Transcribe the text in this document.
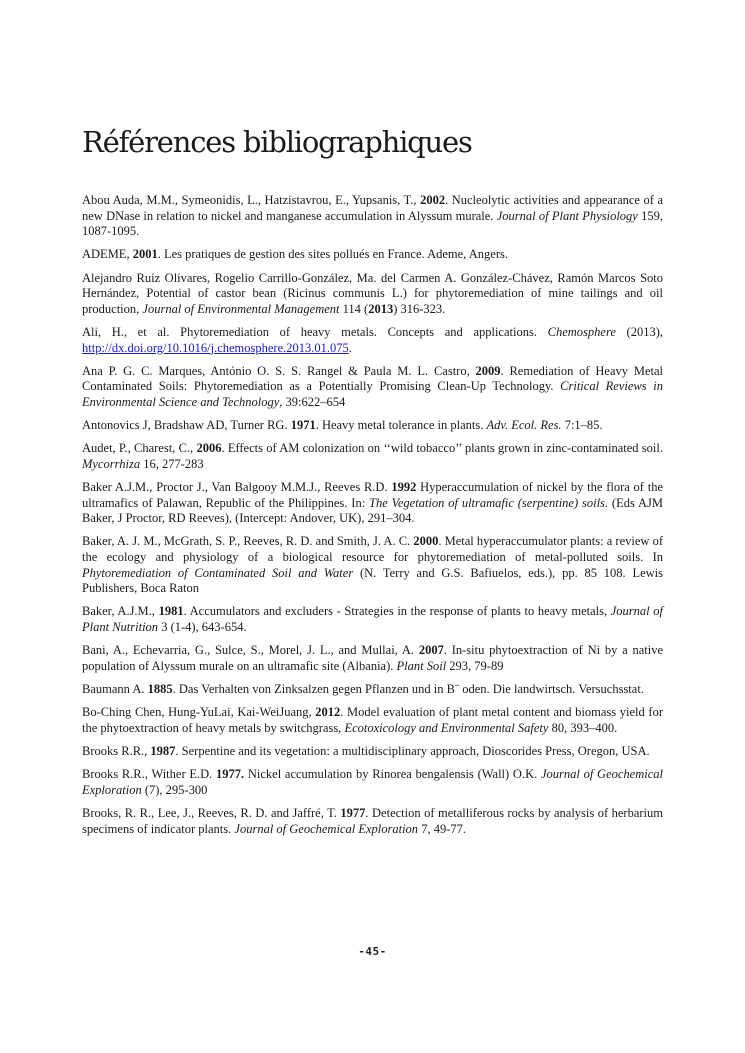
Références bibliographiques

Abou Auda, M.M., Symeonidis, L., Hatzistavrou, E., Yupsanis, T., 2002. Nucleolytic activities and appearance of a new DNase in relation to nickel and manganese accumulation in Alyssum murale. Journal of Plant Physiology 159, 1087-1095.

ADEME, 2001. Les pratiques de gestion des sites pollués en France. Ademe, Angers.

Alejandro Ruiz Olivares, Rogelio Carrillo-González, Ma. del Carmen A. González-Chávez, Ramón Marcos Soto Hernández, Potential of castor bean (Ricinus communis L.) for phytoremediation of mine tailings and oil production, Journal of Environmental Management 114 (2013) 316-323.

Ali, H., et al. Phytoremediation of heavy metals. Concepts and applications. Chemosphere (2013), http://dx.doi.org/10.1016/j.chemosphere.2013.01.075.

Ana P. G. C. Marques, António O. S. S. Rangel & Paula M. L. Castro, 2009. Remediation of Heavy Metal Contaminated Soils: Phytoremediation as a Potentially Promising Clean-Up Technology. Critical Reviews in Environmental Science and Technology, 39:622–654

Antonovics J, Bradshaw AD, Turner RG. 1971. Heavy metal tolerance in plants. Adv. Ecol. Res. 7:1–85.

Audet, P., Charest, C., 2006. Effects of AM colonization on ‘‘wild tobacco’’ plants grown in zinc-contaminated soil. Mycorrhiza 16, 277-283

Baker A.J.M., Proctor J., Van Balgooy M.M.J., Reeves R.D. 1992 Hyperaccumulation of nickel by the flora of the ultramafics of Palawan, Republic of the Philippines. In: The Vegetation of ultramafic (serpentine) soils. (Eds AJM Baker, J Proctor, RD Reeves), (Intercept: Andover, UK), 291–304.

Baker, A. J. M., McGrath, S. P., Reeves, R. D. and Smith, J. A. C. 2000. Metal hyperaccumulator plants: a review of the ecology and physiology of a biological resource for phytoremediation of metal-polluted soils. In Phytoremediation of Contaminated Soil and Water (N. Terry and G.S. Bafiuelos, eds.), pp. 85 108. Lewis Publishers, Boca Raton

Baker, A.J.M., 1981. Accumulators and excluders - Strategies in the response of plants to heavy metals, Journal of Plant Nutrition 3 (1-4), 643-654.

Bani, A., Echevarria, G., Sulce, S., Morel, J. L., and Mullai, A. 2007. In-situ phytoextraction of Ni by a native population of Alyssum murale on an ultramafic site (Albania). Plant Soil 293, 79-89

Baumann A. 1885. Das Verhalten von Zinksalzen gegen Pflanzen und in B¨ oden. Die landwirtsch. Versuchsstat.

Bo-Ching Chen, Hung-YuLai, Kai-WeiJuang, 2012. Model evaluation of plant metal content and biomass yield for the phytoextraction of heavy metals by switchgrass, Ecotoxicology and Environmental Safety 80, 393–400.

Brooks R.R., 1987. Serpentine and its vegetation: a multidisciplinary approach, Dioscorides Press, Oregon, USA.

Brooks R.R., Wither E.D. 1977. Nickel accumulation by Rinorea bengalensis (Wall) O.K. Journal of Geochemical Exploration (7), 295-300

Brooks, R. R., Lee, J., Reeves, R. D. and Jaffré, T. 1977. Detection of metalliferous rocks by analysis of herbarium specimens of indicator plants. Journal of Geochemical Exploration 7, 49-77.

-45-
